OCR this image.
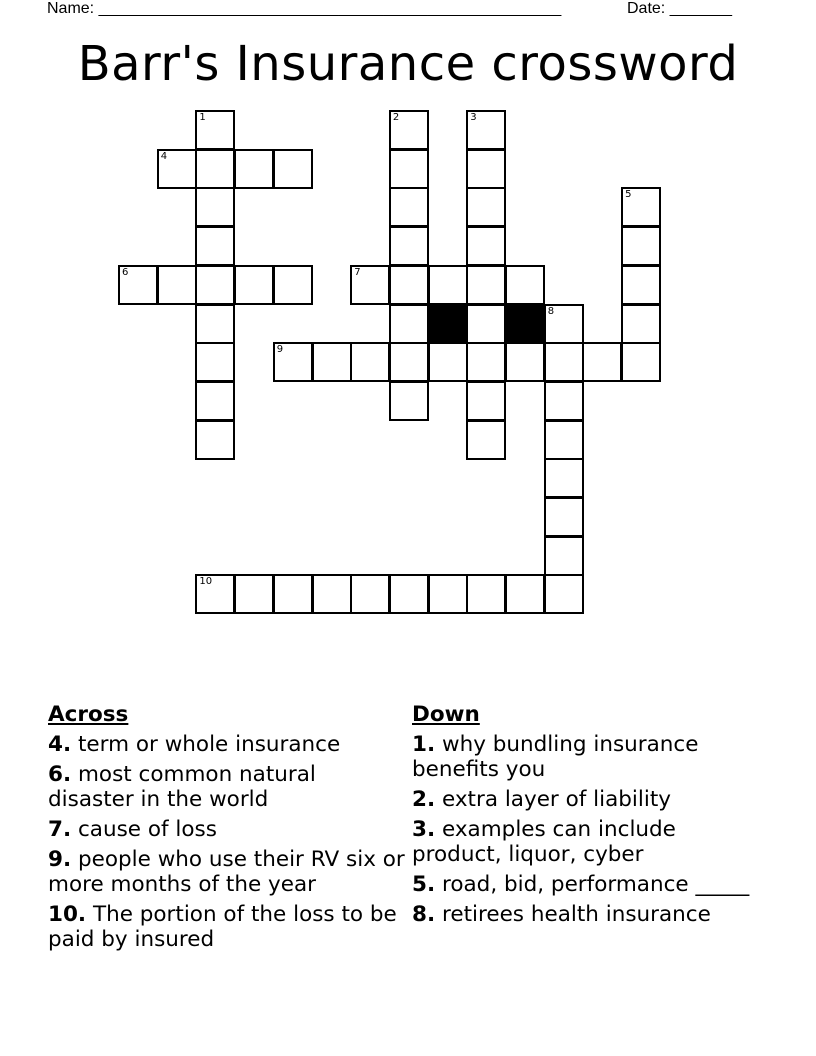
Name: ____________________________________________________	Date: _______
Barr's Insurance crossword
1	2	3
4
5
6	7
8
9
10
Across
4. term or whole insurance
6. most common natural disaster in the world
7. cause of loss
9. people who use their RV six or more months of the year
10. The portion of the loss to be paid by insured
Down
1. why bundling insurance benefits you
2. extra layer of liability
3. examples can include product, liquor, cyber
5. road, bid, performance _____
8. retirees health insurance
